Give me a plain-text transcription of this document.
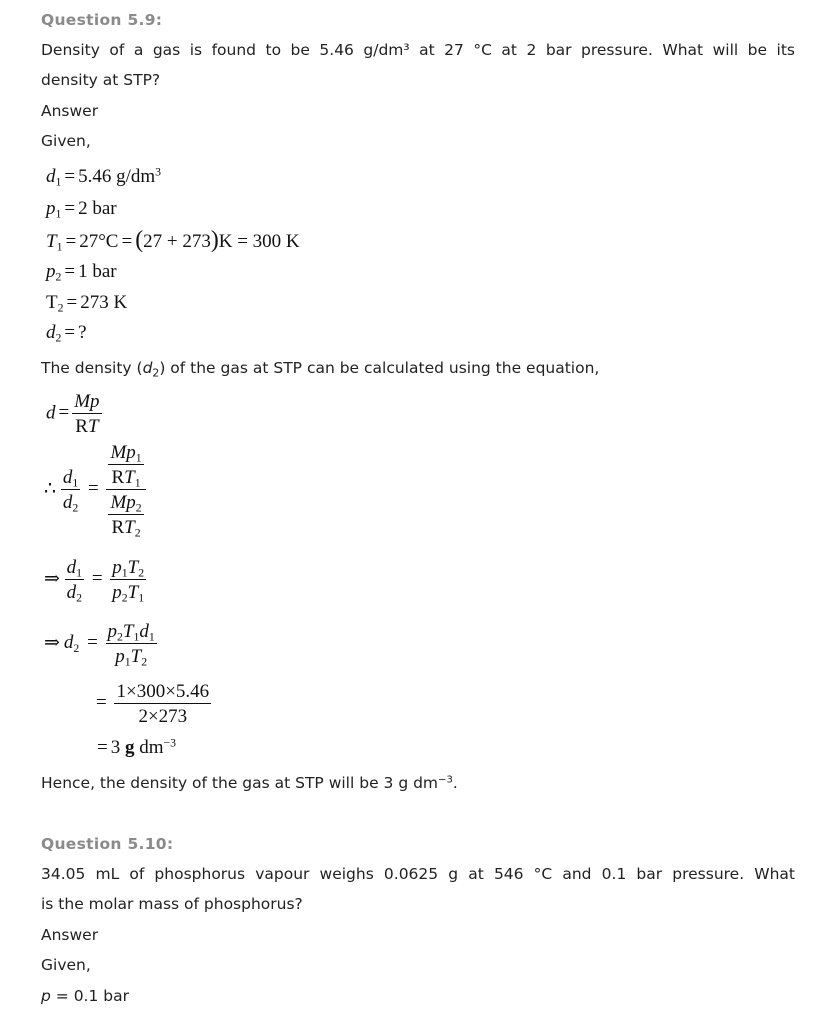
Question 5.9:
Density of a gas is found to be 5.46 g/dm³ at 27 °C at 2 bar pressure. What will be its
density at STP?
Answer
Given,
$d_1 = 5.46$ $g/dm^3$
$p_1 = 2$ bar
$T_1 = 27^\circ C = (27 + 273)K = 300$ K
$p_2 = 1$ bar
$T_2 = 273$ K
$d_2$ = ?
The density $(d_2)$ of the gas at STP can be calculated using the equation,
$d = \frac{Mp}{RT}$
∴ $\frac{d_1}{d_2} = \frac{\frac{Mp_1}{RT_1}}{\frac{Mp_2}{RT_2}}$
⇒ $\frac{d_1}{d_2} = \frac{p_1T_2}{p_2T_1}$
⇒ $d_2 = \frac{p_2T_1d_1}{p_1T_2}$
= $\frac{1\times 300\times 5.46}{2\times 273}$
= 3 g $dm^{-3}$
Hence, the density of the gas at STP will be 3 g $dm^{-3}$.
Question 5.10:
34.05 mL of phosphorus vapour weighs 0.0625 g at 546 °C and 0.1 bar pressure. What
is the molar mass of phosphorus?
Answer
Given,
p = 0.1 bar
